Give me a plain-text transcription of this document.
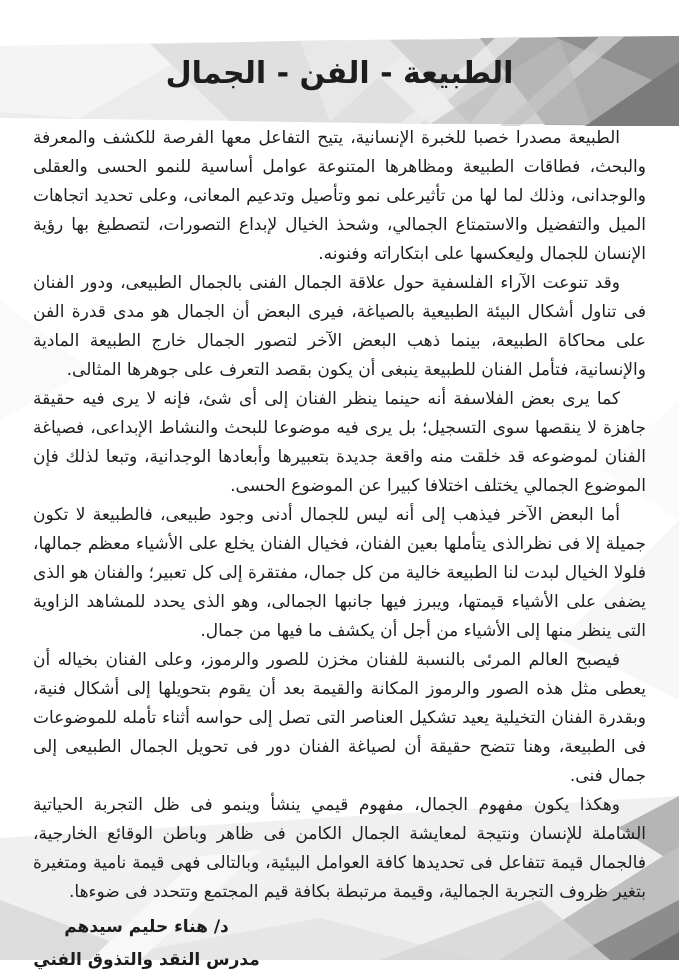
الطبيعة - الفن - الجمال

الطبيعة مصدرا خصبا للخبرة الإنسانية، يتيح التفاعل معها الفرصة للكشف والمعرفة والبحث، فطاقات الطبيعة ومظاهرها المتنوعة عوامل أساسية للنمو الحسى والعقلى والوجدانى، وذلك لما لها من تأثيرعلى نمو وتأصيل وتدعيم المعانى، وعلى تحديد اتجاهات الميل والتفضيل والاستمتاع الجمالي، وشحذ الخيال لإبداع التصورات، لتصطبغ بها رؤية الإنسان للجمال وليعكسها على ابتكاراته وفنونه.

وقد تنوعت الآراء الفلسفية حول علاقة الجمال الفنى بالجمال الطبيعى، ودور الفنان فى تناول أشكال البيئة الطبيعية بالصياغة، فيرى البعض أن الجمال هو مدى قدرة الفن على محاكاة الطبيعة، بينما ذهب البعض الآخر لتصور الجمال خارج الطبيعة المادية والإنسانية، فتأمل الفنان للطبيعة ينبغى أن يكون بقصد التعرف على جوهرها المثالى.

كما يرى بعض الفلاسفة أنه حينما ينظر الفنان إلى أى شئ، فإنه لا يرى فيه حقيقة جاهزة لا ينقصها سوى التسجيل؛ بل يرى فيه موضوعا للبحث والنشاط الإبداعى، فصياغة الفنان لموضوعه قد خلقت منه واقعة جديدة بتعبيرها وأبعادها الوجدانية، وتبعا لذلك فإن الموضوع الجمالي يختلف اختلافا كبيرا عن الموضوع الحسى.

أما البعض الآخر فيذهب إلى أنه ليس للجمال أدنى وجود طبيعى، فالطبيعة لا تكون جميلة إلا فى نظرالذى يتأملها بعين الفنان، فخيال الفنان يخلع على الأشياء معظم جمالها، فلولا الخيال لبدت لنا الطبيعة خالية من كل جمال، مفتقرة إلى كل تعبير؛ والفنان هو الذى يضفى على الأشياء قيمتها، ويبرز فيها جانبها الجمالى، وهو الذى يحدد للمشاهد الزاوية التى ينظر منها إلى الأشياء من أجل أن يكشف ما فيها من جمال.

فيصبح العالم المرئى بالنسبة للفنان مخزن للصور والرموز، وعلى الفنان بخياله أن يعطى مثل هذه الصور والرموز المكانة والقيمة بعد أن يقوم بتحويلها إلى أشكال فنية، وبقدرة الفنان التخيلية يعيد تشكيل العناصر التى تصل إلى حواسه أثناء تأمله للموضوعات فى الطبيعة، وهنا تتضح حقيقة أن لصياغة الفنان دور فى تحويل الجمال الطبيعى إلى جمال فنى.

وهكذا يكون مفهوم الجمال، مفهوم قيمي ينشأ وينمو فى ظل التجربة الحياتية الشاملة للإنسان ونتيجة لمعايشة الجمال الكامن فى ظاهر وباطن الوقائع الخارجية، فالجمال قيمة تتفاعل فى تحديدها كافة العوامل البيئية، وبالتالى فهى قيمة نامية ومتغيرة بتغير ظروف التجربة الجمالية، وقيمة مرتبطة بكافة قيم المجتمع وتتحدد فى ضوءها.

د/ هناء حليم سيدهم
مدرس النقد والتذوق الفني
